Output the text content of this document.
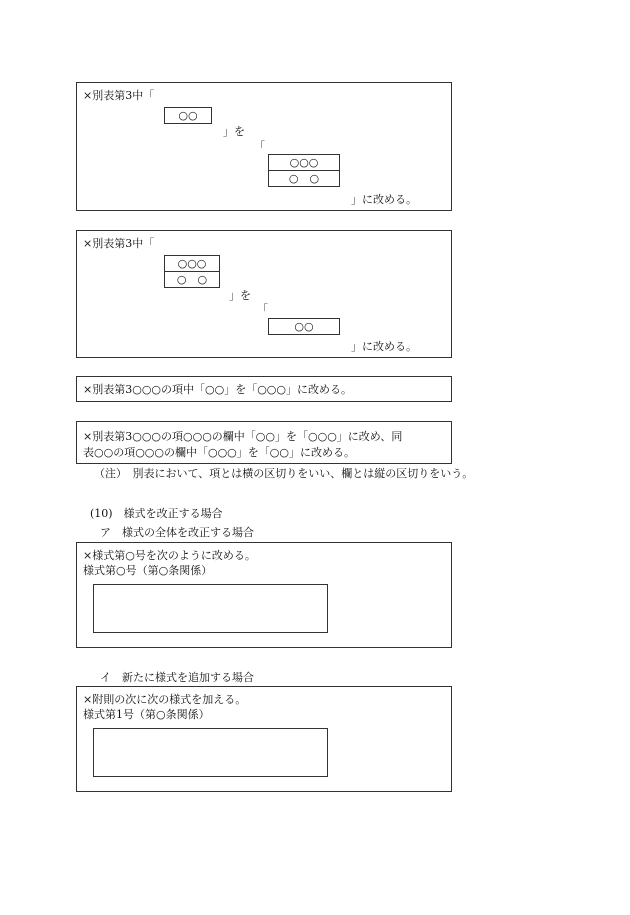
×別表第3中「
○○
」を
「
○○○
○　○
」に改める。
×別表第3中「
○○○
○　○
」を
「
○○
」に改める。
×別表第3○○○の項中「○○」を「○○○」に改める。
×別表第3○○○の項○○○の欄中「○○」を「○○○」に改め、同
表○○の項○○○の欄中「○○○」を「○○」に改める。
（注）　別表において、項とは横の区切りをいい、欄とは縦の区切りをいう。
(10)　様式を改正する場合
ア　様式の全体を改正する場合
×様式第○号を次のように改める。
様式第○号（第○条関係）
イ　新たに様式を追加する場合
×附則の次に次の様式を加える。
様式第1号（第○条関係）
